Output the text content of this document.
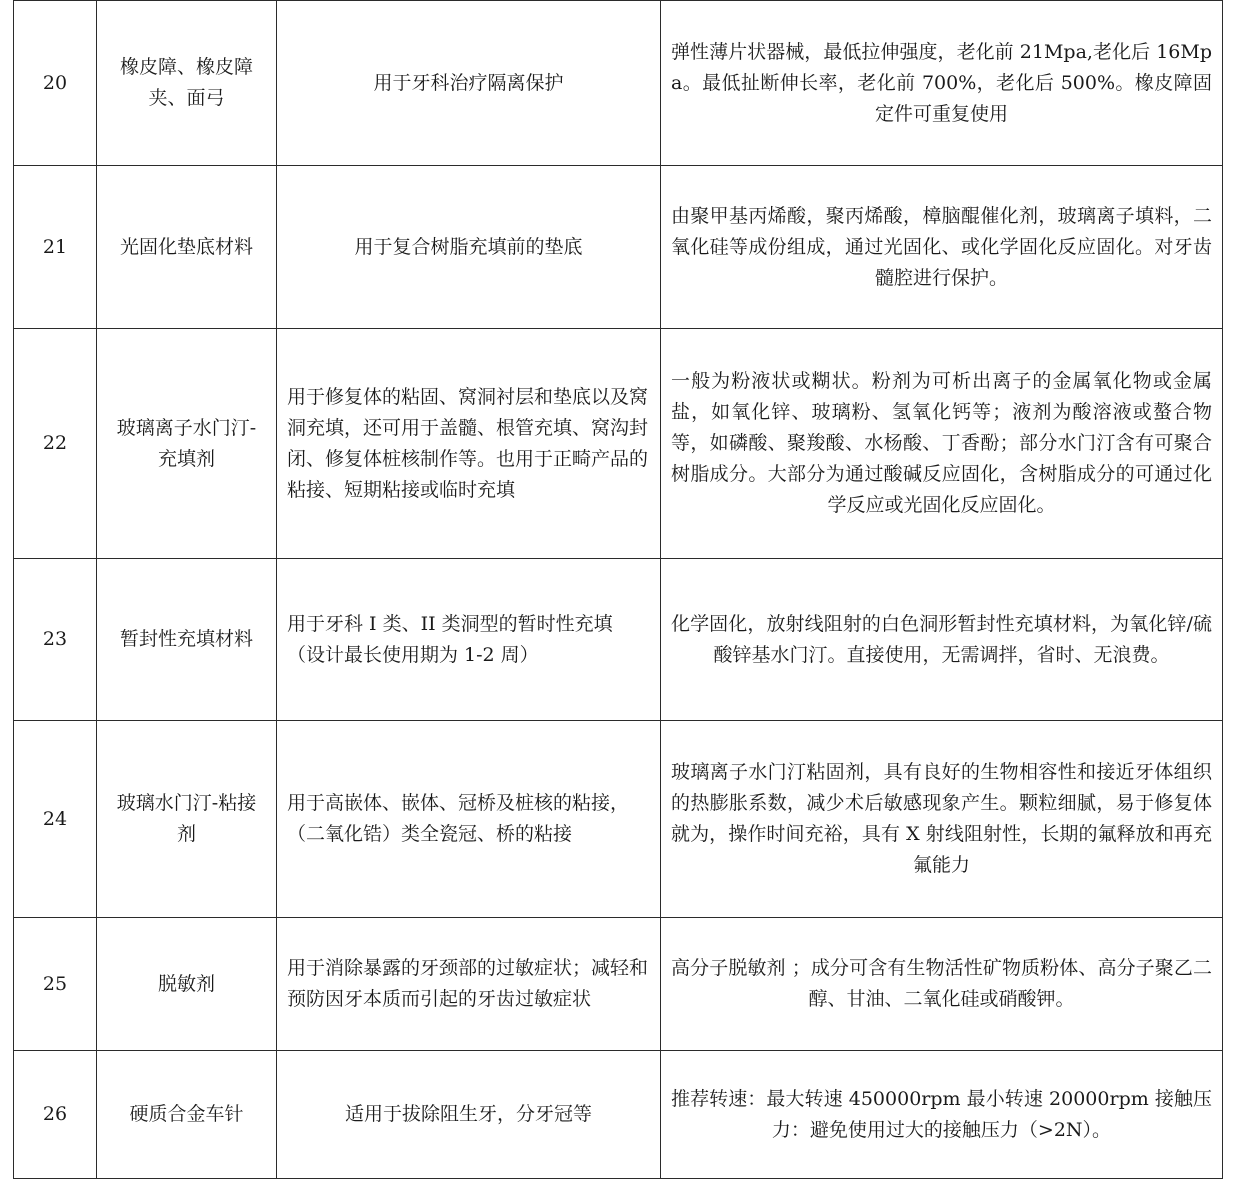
20	橡皮障、橡皮障夹、面弓	用于牙科治疗隔离保护	弹性薄片状器械，最低拉伸强度，老化前 21Mpa,老化后 16Mpa。最低扯断伸长率，老化前 700%，老化后 500%。橡皮障固定件可重复使用
21	光固化垫底材料	用于复合树脂充填前的垫底	由聚甲基丙烯酸，聚丙烯酸，樟脑醌催化剂，玻璃离子填料，二氧化硅等成份组成，通过光固化、或化学固化反应固化。对牙齿髓腔进行保护。
22	玻璃离子水门汀-充填剂	用于修复体的粘固、窝洞衬层和垫底以及窝洞充填，还可用于盖髓、根管充填、窝沟封闭、修复体桩核制作等。也用于正畸产品的粘接、短期粘接或临时充填	一般为粉液状或糊状。粉剂为可析出离子的金属氧化物或金属盐，如氧化锌、玻璃粉、氢氧化钙等；液剂为酸溶液或螯合物等，如磷酸、聚羧酸、水杨酸、丁香酚；部分水门汀含有可聚合树脂成分。大部分为通过酸碱反应固化，含树脂成分的可通过化学反应或光固化反应固化。
23	暂封性充填材料	用于牙科 I 类、II 类洞型的暂时性充填（设计最长使用期为 1-2 周）	化学固化，放射线阻射的白色洞形暂封性充填材料，为氧化锌/硫酸锌基水门汀。直接使用，无需调拌，省时、无浪费。
24	玻璃水门汀-粘接剂	用于高嵌体、嵌体、冠桥及桩核的粘接，（二氧化锆）类全瓷冠、桥的粘接	玻璃离子水门汀粘固剂，具有良好的生物相容性和接近牙体组织的热膨胀系数，减少术后敏感现象产生。颗粒细腻，易于修复体就为，操作时间充裕，具有 X 射线阻射性，长期的氟释放和再充氟能力
25	脱敏剂	用于消除暴露的牙颈部的过敏症状；减轻和预防因牙本质而引起的牙齿过敏症状	高分子脱敏剂 ；成分可含有生物活性矿物质粉体、高分子聚乙二醇、甘油、二氧化硅或硝酸钾。
26	硬质合金车针	适用于拔除阻生牙，分牙冠等	推荐转速：最大转速 450000rpm 最小转速 20000rpm 接触压力：避免使用过大的接触压力（>2N）。
